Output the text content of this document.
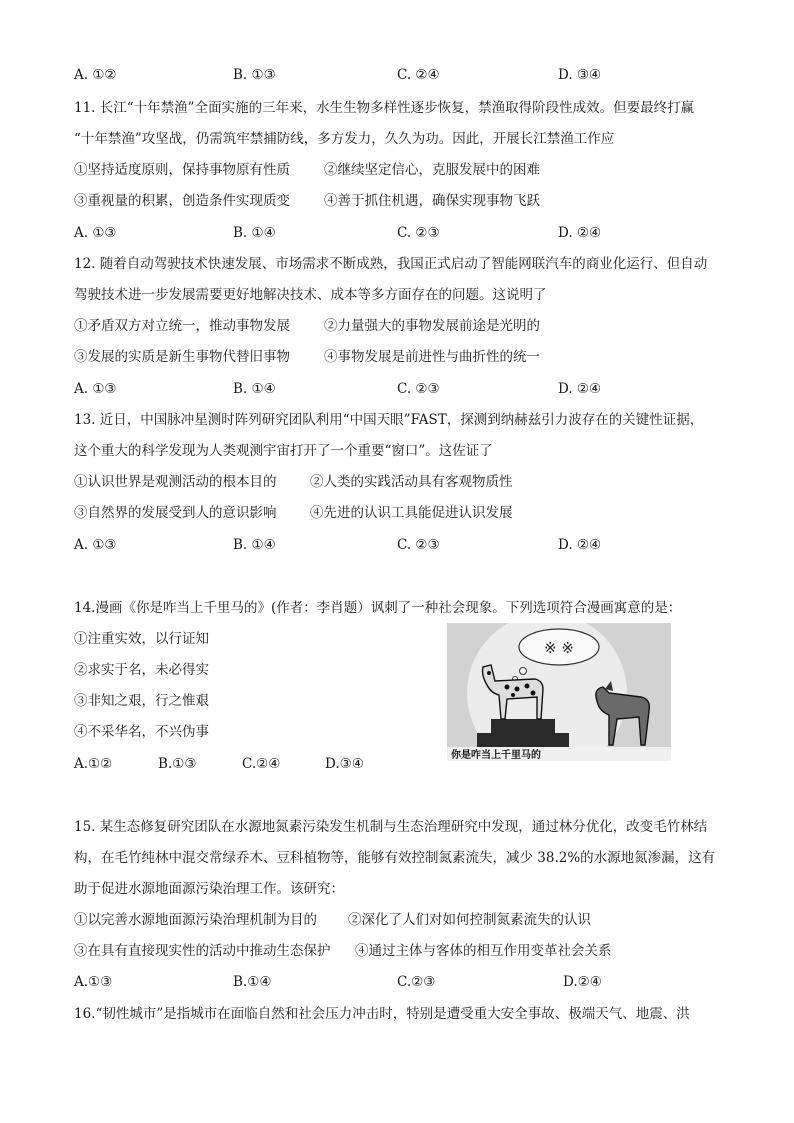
A. ①②	B. ①③	C. ②④	D. ③④
11. 长江“十年禁渔”全面实施的三年来，水生生物多样性逐步恢复，禁渔取得阶段性成效。但要最终打赢
“十年禁渔”攻坚战，仍需筑牢禁捕防线，多方发力，久久为功。因此，开展长江禁渔工作应
①坚持适度原则，保持事物原有性质	②继续坚定信心，克服发展中的困难
③重视量的积累，创造条件实现质变	④善于抓住机遇，确保实现事物飞跃
A. ①③	B. ①④	C. ②③	D. ②④
12. 随着自动驾驶技术快速发展、市场需求不断成熟，我国正式启动了智能网联汽车的商业化运行、但自动
驾驶技术进一步发展需要更好地解决技术、成本等多方面存在的问题。这说明了
①矛盾双方对立统一，推动事物发展	②力量强大的事物发展前途是光明的
③发展的实质是新生事物代替旧事物	④事物发展是前进性与曲折性的统一
A. ①③	B. ①④	C. ②③	D. ②④
13. 近日，中国脉冲星测时阵列研究团队利用“中国天眼”FAST，探测到纳赫兹引力波存在的关键性证据，
这个重大的科学发现为人类观测宇宙打开了一个重要“窗口”。这佐证了
①认识世界是观测活动的根本目的 ②人类的实践活动具有客观物质性
③自然界的发展受到人的意识影响 ④先进的认识工具能促进认识发展
A. ①③	B. ①④	C. ②③	D. ②④
14.漫画《你是咋当上千里马的》(作者：李肖题）讽刺了一种社会现象。下列选项符合漫画寓意的是：
①注重实效，以行证知
②求实于名，未必得实
③非知之艰，行之惟艰
④不采华名，不兴伪事
A.①②	B.①③	C.②④	D.③④
※ ※
你是咋当上千里马的
15. 某生态修复研究团队在水源地氮素污染发生机制与生态治理研究中发现，通过林分优化，改变毛竹林结
构，在毛竹纯林中混交常绿乔木、豆科植物等，能够有效控制氮素流失，减少 38.2%的水源地氮渗漏，这有
助于促进水源地面源污染治理工作。该研究：
①以完善水源地面源污染治理机制为目的 ②深化了人们对如何控制氮素流失的认识
③在具有直接现实性的活动中推动生态保护 ④通过主体与客体的相互作用变革社会关系
A.①③	B.①④	C.②③	D.②④
16.“韧性城市”是指城市在面临自然和社会压力冲击时，特别是遭受重大安全事故、极端天气、地震、洪
